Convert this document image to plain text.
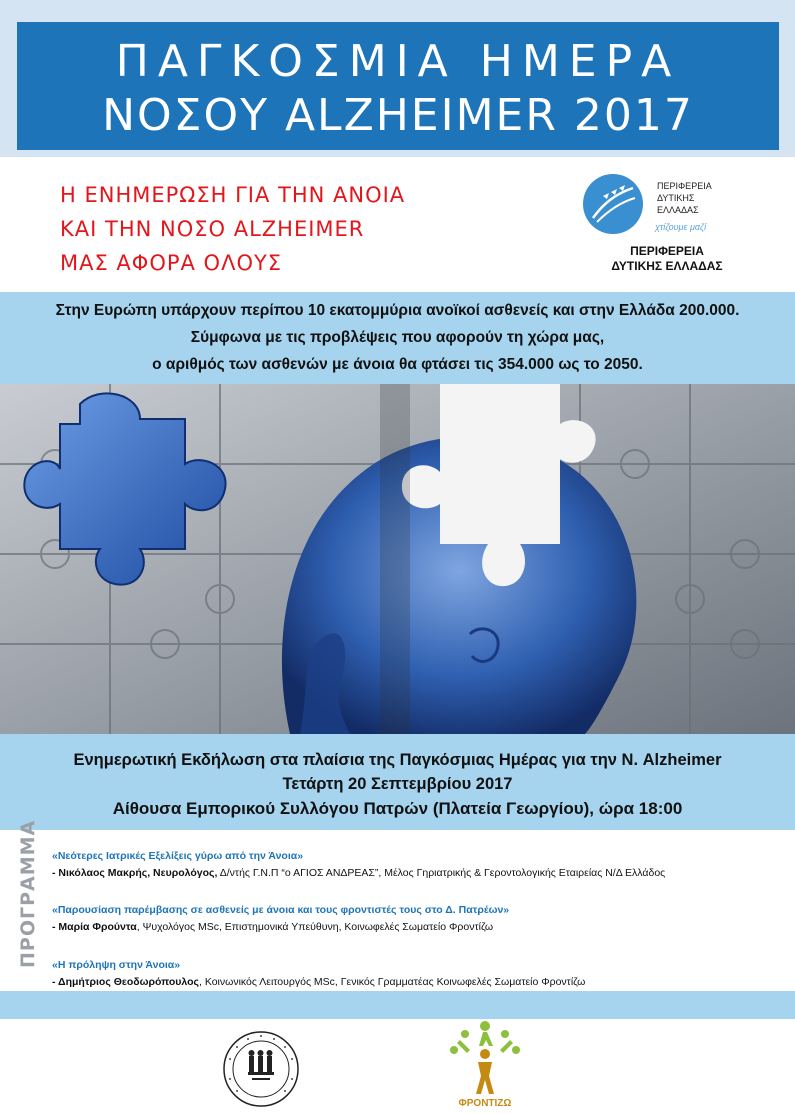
ΠΑΓΚΟΣΜΙΑ ΗΜΕΡΑ
ΝΟΣΟΥ ALZHEIMER 2017
Η ΕΝΗΜΕΡΩΣΗ ΓΙΑ ΤΗΝ ΑΝΟΙΑ
ΚΑΙ ΤΗΝ ΝΟΣΟ ALZHEIMER
ΜΑΣ ΑΦΟΡΑ ΟΛΟΥΣ
ΠΕΡΙΦΕΡΕΙΑ
ΔΥΤΙΚΗΣ
ΕΛΛΑΔΑΣ
χτίζουμε μαζί
ΠΕΡΙΦΕΡΕΙΑ
ΔΥΤΙΚΗΣ ΕΛΛΑΔΑΣ
Στην Ευρώπη υπάρχουν περίπου 10 εκατομμύρια ανοϊκοί ασθενείς και στην Ελλάδα 200.000.
Σύμφωνα με τις προβλέψεις που αφορούν τη χώρα μας,
ο αριθμός των ασθενών με άνοια θα φτάσει τις 354.000 ως το 2050.
Ενημερωτική Εκδήλωση στα πλαίσια της Παγκόσμιας Ημέρας για την Ν. Alzheimer
Τετάρτη 20 Σεπτεμβρίου 2017
Αίθουσα Εμπορικού Συλλόγου Πατρών (Πλατεία Γεωργίου), ώρα 18:00
ΠΡΟΓΡΑΜΜΑ «Νεότερες Ιατρικές Εξελίξεις γύρω από την Άνοια»
- Νικόλαος Μακρής, Νευρολόγος, Δ/ντής Γ.Ν.Π “ο ΑΓΙΟΣ ΑΝΔΡΕΑΣ”, Μέλος Γηριατρικής & Γεροντολογικής Εταιρείας Ν/Δ Ελλάδος
«Παρουσίαση παρέμβασης σε ασθενείς με άνοια και τους φροντιστές τους στο Δ. Πατρέων»
- Μαρία Φρούντα, Ψυχολόγος MSc, Επιστημονικά Υπεύθυνη, Κοινωφελές Σωματείο Φροντίζω
«Η πρόληψη στην Άνοια»
- Δημήτριος Θεοδωρόπουλος, Κοινωνικός Λειτουργός MSc, Γενικός Γραμματέας Κοινωφελές Σωματείο Φροντίζω
ΦΡΟΝΤΙΖΩ
